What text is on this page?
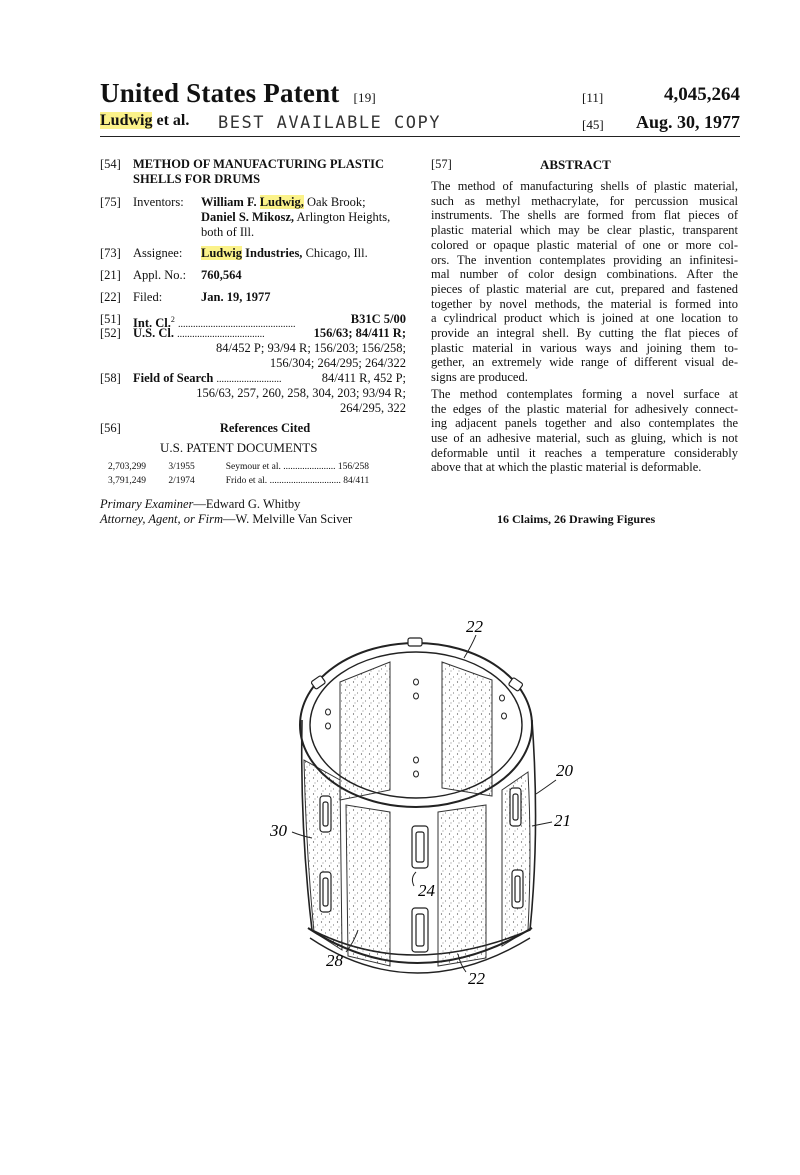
United States Patent [19]
Ludwig et al. BEST AVAILABLE COPY
[11]	4,045,264
[45]	Aug. 30, 1977
[54] METHOD OF MANUFACTURING PLASTIC
SHELLS FOR DRUMS
[75] Inventors: William F. Ludwig, Oak Brook;
Daniel S. Mikosz, Arlington Heights,
both of Ill.
[73] Assignee: Ludwig Industries, Chicago, Ill.
[21] Appl. No.: 760,564
[22] Filed:	Jan. 19, 1977
[51] Int. Cl.$^2$ ...............................................	B31C 5/00
[52] U.S. Cl. ...................................	156/63; 84/411 R;
84/452 P; 93/94 R; 156/203; 156/258;
156/304; 264/295; 264/322
[58] Field of Search ..........................	84/411 R, 452 P;
156/63, 257, 260, 258, 304, 203; 93/94 R;
264/295, 322
[56]	References Cited
U.S. PATENT DOCUMENTS
2,703,299 3/1955	Seymour et al. ...................... 156/258
3,791,249 2/1974	Frido et al. .............................. 84/411
Primary Examiner—Edward G. Whitby
Attorney, Agent, or Firm—W. Melville Van Sciver
[57]	ABSTRACT
The method of manufacturing shells of plastic material,
such as methyl methacrylate, for percussion musical
instruments. The shells are formed from flat pieces of
plastic material which may be clear plastic, transparent
colored or opaque plastic material of one or more col-
ors. The invention contemplates providing an infinitesi-
mal number of color design combinations. After the
pieces of plastic material are cut, prepared and fastened
together by novel methods, the material is formed into
a cylindrical product which is joined at one location to
provide an integral shell. By cutting the flat pieces of
plastic material in various ways and joining them to-
gether, an extremely wide range of different visual de-
signs are produced.
The method contemplates forming a novel surface at
the edges of the plastic material for adhesively connect-
ing adjacent panels together and also contemplates the
use of an adhesive material, such as gluing, which is not
deformable until it reaches a temperature considerably
above that at which the plastic material is deformable.
16 Claims, 26 Drawing Figures
22
20
21
30
24
28
22
